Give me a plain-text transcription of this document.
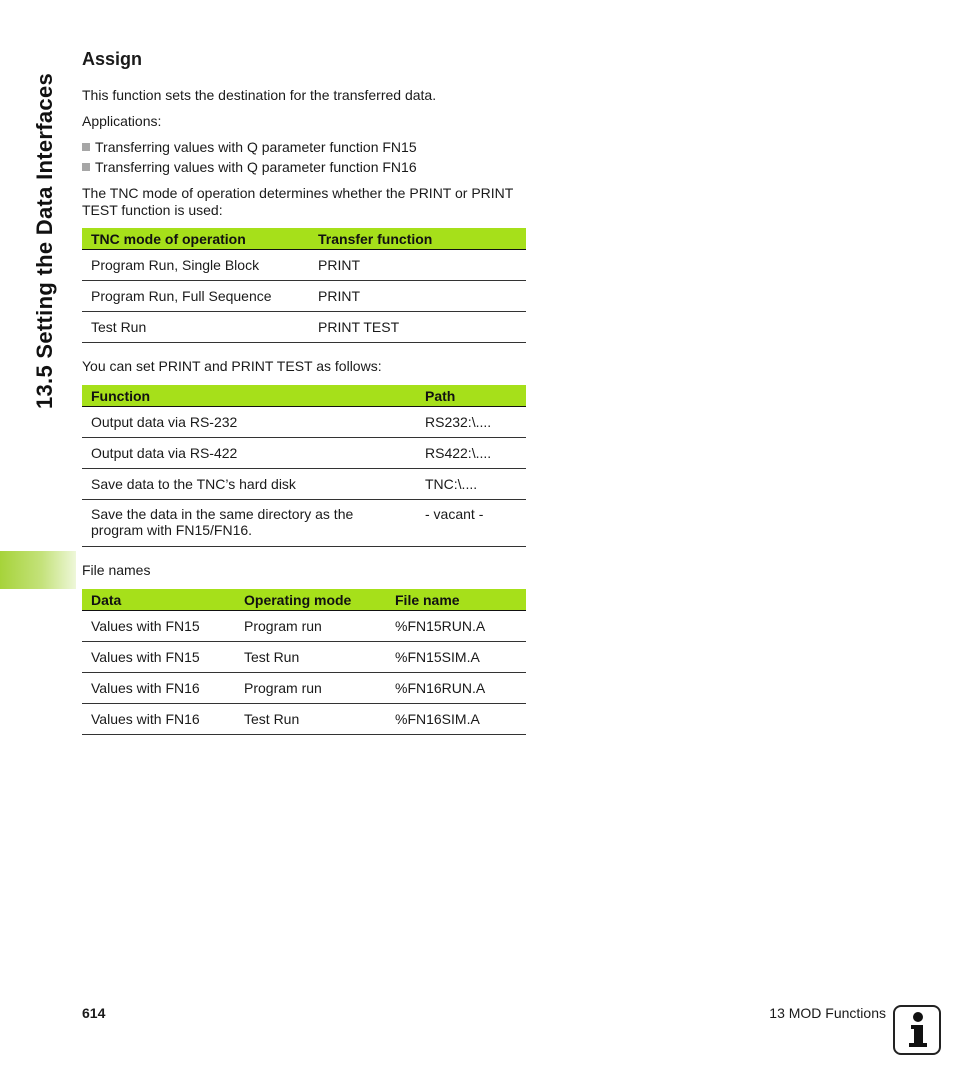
13.5 Setting the Data Interfaces
Assign

This function sets the destination for the transferred data.

Applications:

Transferring values with Q parameter function FN15
Transferring values with Q parameter function FN16

The TNC mode of operation determines whether the PRINT or PRINT TEST function is used:

TNC mode of operation	Transfer function
Program Run, Single Block	PRINT
Program Run, Full Sequence	PRINT
Test Run	PRINT TEST

You can set PRINT and PRINT TEST as follows:

Function	Path
Output data via RS-232	RS232:\....
Output data via RS-422	RS422:\....
Save data to the TNC’s hard disk	TNC:\....
Save the data in the same directory as the program with FN15/FN16.	- vacant -

File names

Data	Operating mode	File name
Values with FN15	Program run	%FN15RUN.A
Values with FN15	Test Run	%FN15SIM.A
Values with FN16	Program run	%FN16RUN.A
Values with FN16	Test Run	%FN16SIM.A
614	13 MOD Functions
